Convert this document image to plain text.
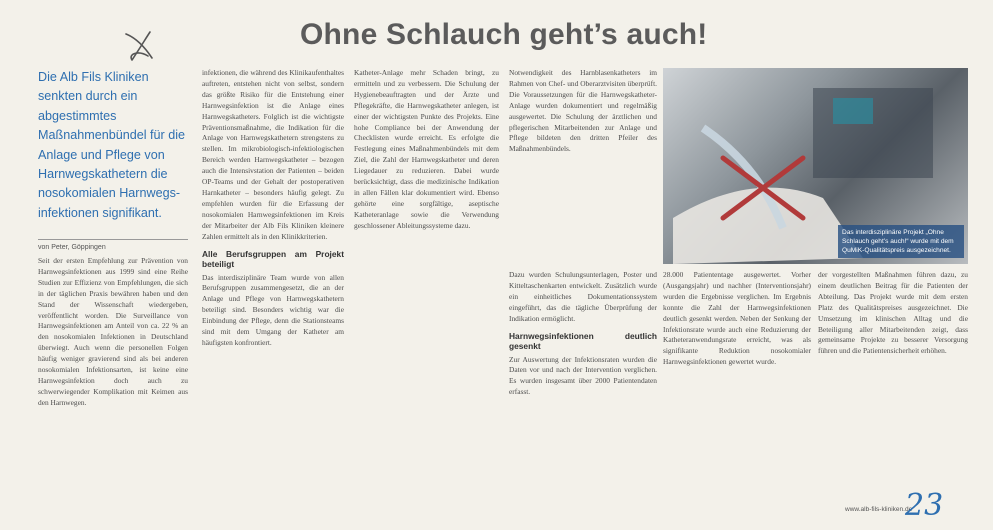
Ohne Schlauch geht’s auch!
Die Alb Fils Kliniken senkten durch ein abgestimmtes Maßnahmenbündel für die Anlage und Pflege von Harnwegskathetern die nosokomialen Harnwegs-infektionen signifikant.
von Peter, Göppingen

Seit der ersten Empfehlung zur Prävention von Harnwegsinfektionen aus 1999 sind eine Reihe Studien zur Effizienz von Empfehlungen, die sich in der täglichen Praxis bewähren haben und den Stand der Wissenschaft wiedergeben, veröffentlicht worden. Die Surveillance von Harnwegsinfektionen am Anteil von ca. 22 % an den nosokomialen Infektionen in Deutschland überwiegt. Auch wenn die personellen Folgen häufig weniger gravierend sind als bei anderen nosokomialen Infektionsarten, ist keine eine Harnwegsinfektion doch auch zu schwerwiegender Komplikation mit Keimen aus den Harnwegen.

infektionen, die während des Klinikaufenthaltes auftreten, entstehen nicht von selbst, sondern das größte Risiko für die Entstehung einer Harnwegsinfektion ist die Anlage eines Harnwegskatheters. Folglich ist die wichtigste Präventionsmaßnahme, die Indikation für die Anlage von Harnwegskathetern strengstens zu stellen. Im mikrobiologisch-infektiologischen Bereich werden Harnwegskatheter – bezogen auch die Intensivstation der Patienten – beiden OP-Teams und der Gehalt der postoperativen Harnkatheter – besonders häufig gelegt. Zu empfehlen wurden für die Erfassung der nosokomialen Harnwegsinfektionen im Kreis der Mitarbeiter der Alb Fils Kliniken kleinere Zahlen ermittelt als in den Klinikkriterien.

Alle Berufsgruppen am Projekt beteiligt

Das interdisziplinäre Team wurde von allen Berufsgruppen zusammengesetzt, die an der Anlage und Pflege von Harnwegskathetern beteiligt sind. Besonders wichtig war die Einbindung der Pflege, denn die Stationsteams sind mit dem Umgang der Katheter am häufigsten konfrontiert.

Katheter-Anlage mehr Schaden bringt, zu ermitteln und zu verbessern. Die Schulung der Hygienebeauftragten und der Ärzte und Pflegekräfte, die Harnwegskatheter anlegen, ist einer der wichtigsten Punkte des Projekts. Eine hohe Compliance bei der Anwendung der Checklisten wurde erreicht. Es erfolgte die Festlegung eines Maßnahmenbündels mit dem Ziel, die Zahl der Harnwegskatheter und deren Liegedauer zu reduzieren. Dabei wurde berücksichtigt, dass die medizinische Indikation in allen Fällen klar dokumentiert wird. Ebenso gehörte eine sorgfältige, aseptische Katheteranlage sowie die Verwendung geschlossener Ableitungssysteme dazu.

Notwendigkeit des Harnblasenkatheters im Rahmen von Chef- und Oberarztvisiten überprüft. Die Voraussetzungen für die Harnwegskatheter-Anlage wurden dokumentiert und regelmäßig ausgewertet. Die Schulung der ärztlichen und pflegerischen Mitarbeitenden zur Anlage und Pflege bildeten den dritten Pfeiler des Maßnahmenbündels.

Das interdisziplinäre Projekt „Ohne Schlauch geht’s auch!“ wurde mit dem QuMiK-Qualitätspreis ausgezeichnet.

Dazu wurden Schulungsunterlagen, Poster und Kitteltaschenkarten entwickelt. Zusätzlich wurde ein einheitliches Dokumentationssystem eingeführt, das die tägliche Überprüfung der Indikation ermöglicht.

Harnwegsinfektionen deutlich gesenkt

Zur Auswertung der Infektionsraten wurden die Daten vor und nach der Intervention verglichen. Es wurden insgesamt über 2000 Patientendaten erfasst.

28.000 Patiententage ausgewertet. Vorher (Ausgangsjahr) und nachher (Interventionsjahr) wurden die Ergebnisse verglichen. Im Ergebnis konnte die Zahl der Harnwegsinfektionen deutlich gesenkt werden. Neben der Senkung der Infektionsrate wurde auch eine Reduzierung der Katheteranwendungsrate erreicht, was als signifikante Reduktion nosokomialer Harnwegsinfektionen gewertet wurde.

der vorgestellten Maßnahmen führen dazu, zu einem deutlichen Beitrag für die Patienten der Abteilung. Das Projekt wurde mit dem ersten Platz des Qualitätspreises ausgezeichnet. Die Umsetzung im klinischen Alltag und die Beteiligung aller Mitarbeitenden zeigt, dass gemeinsame Projekte zu besserer Versorgung führen und die Patientensicherheit erhöhen.

www.alb-fils-kliniken.de
23
